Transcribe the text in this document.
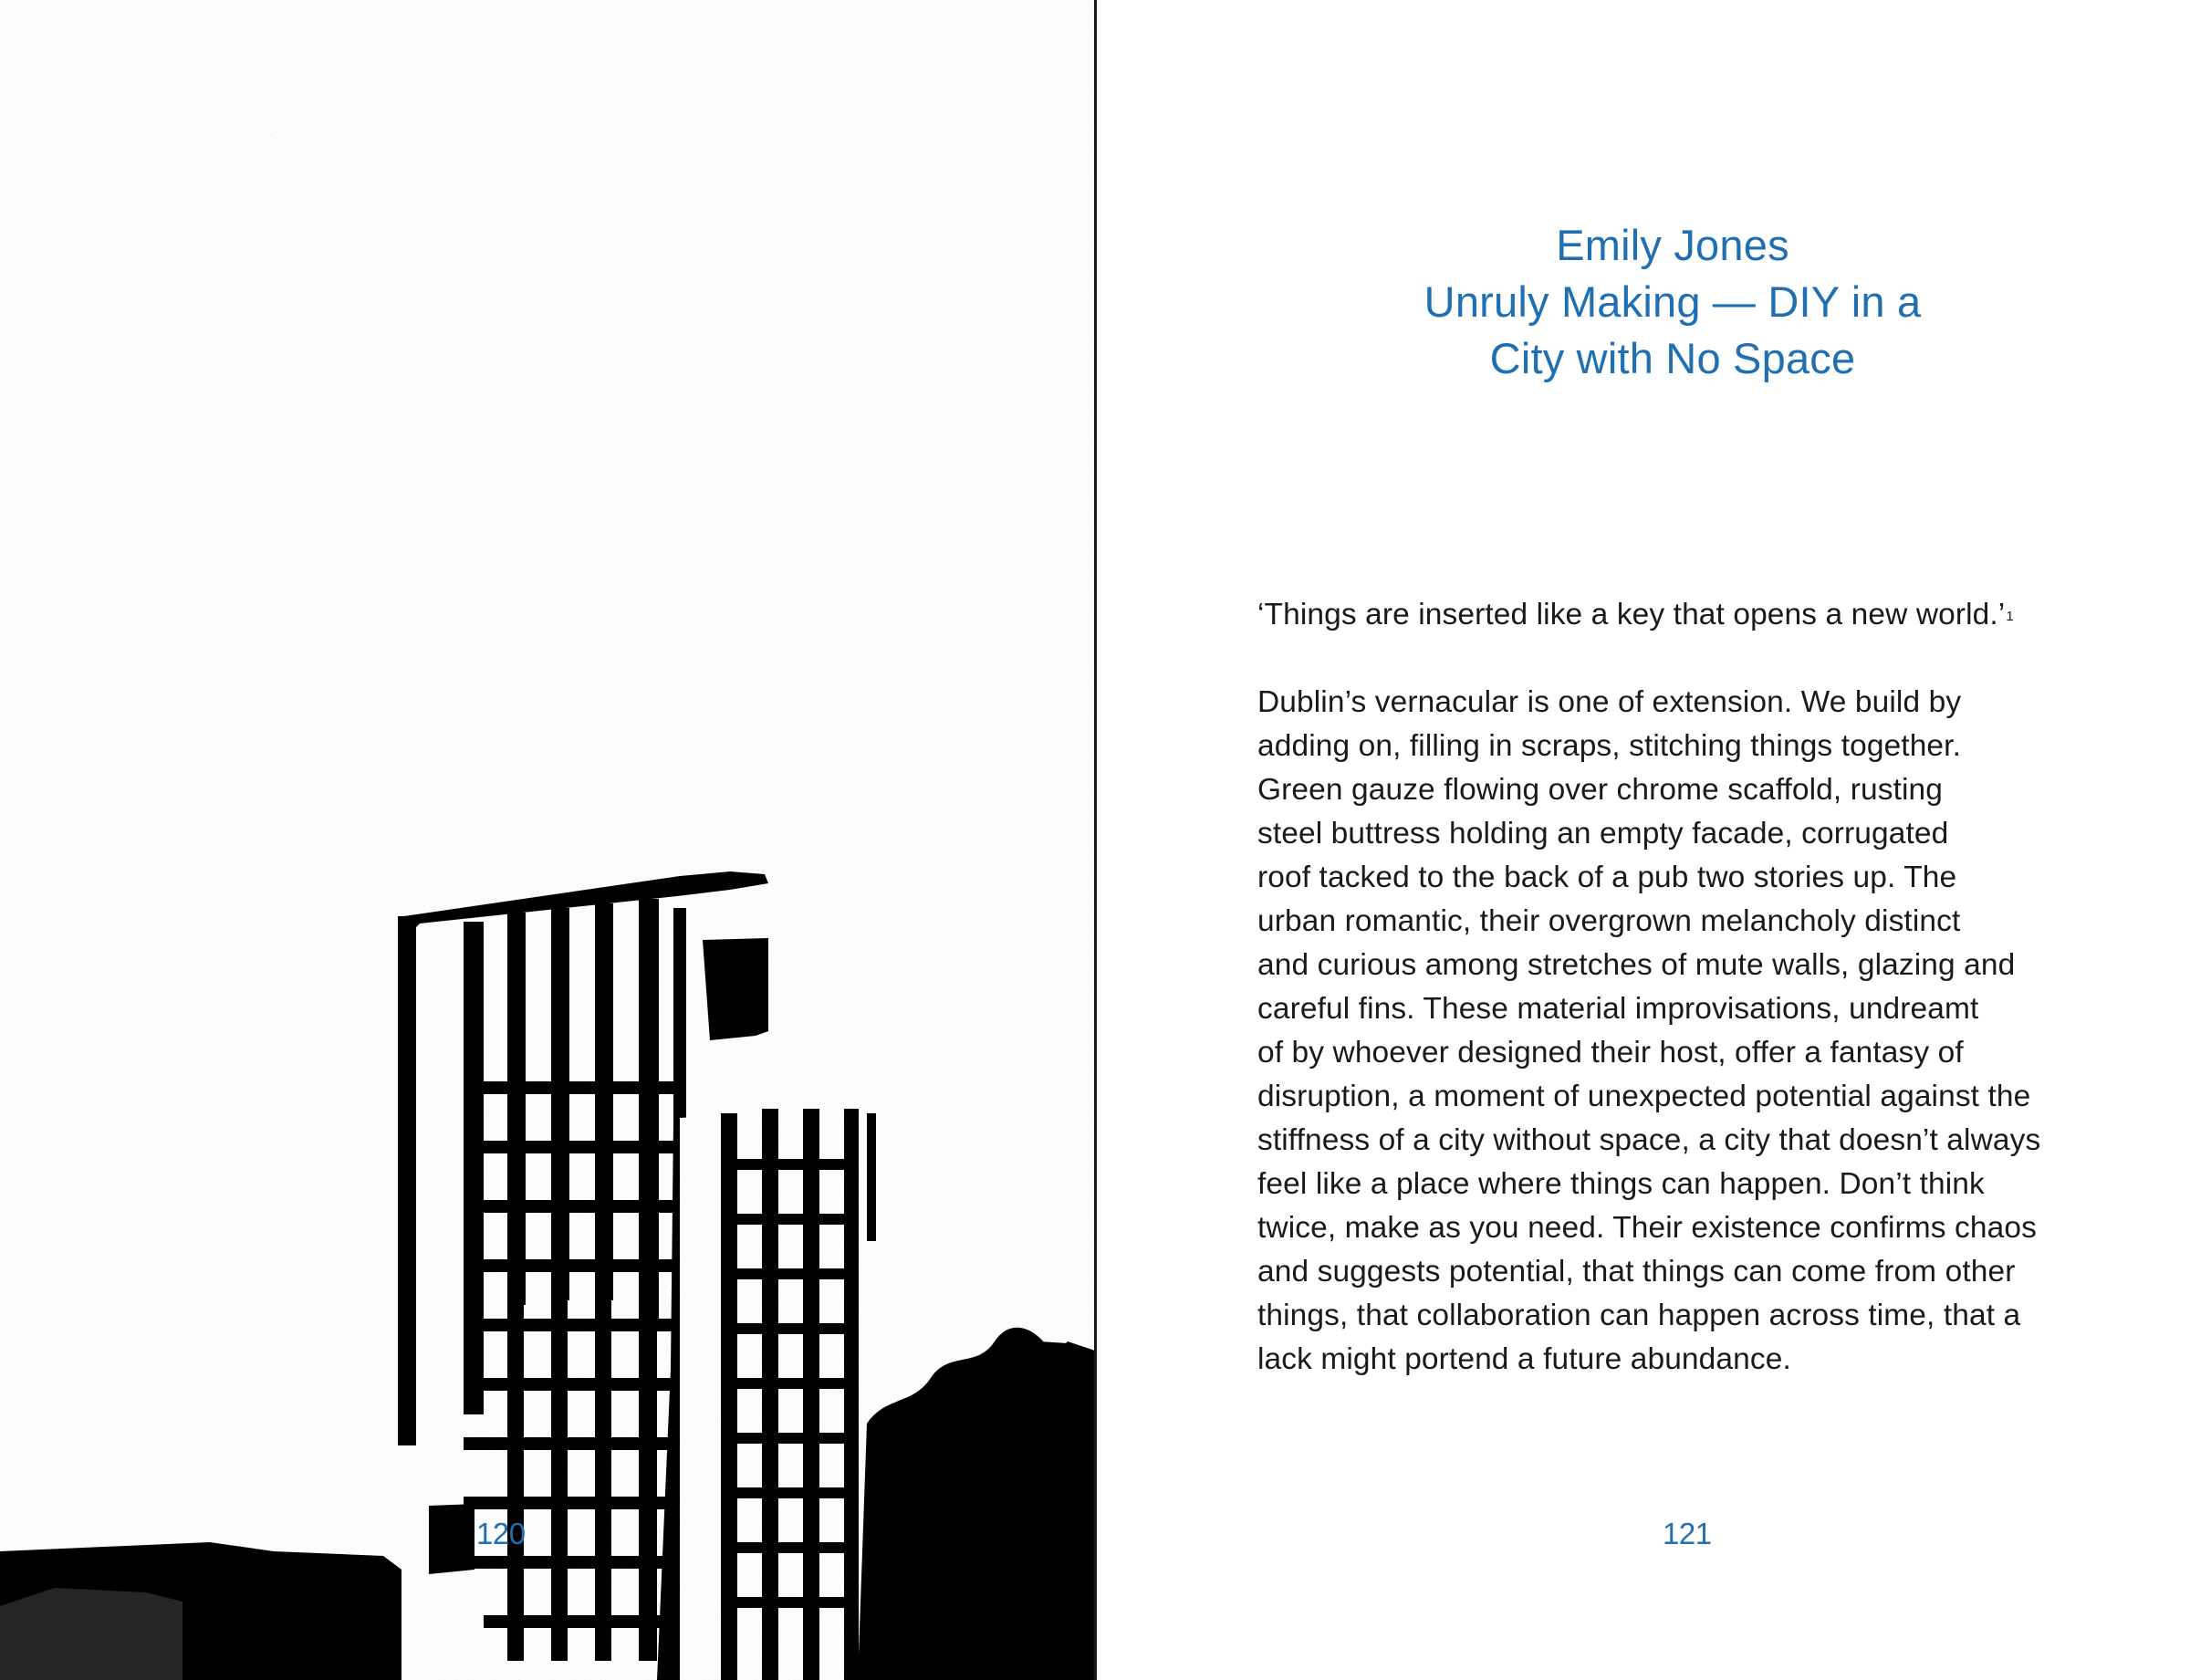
120
Emily Jones
Unruly Making — DIY in a
City with No Space
‘Things are inserted like a key that opens a new world.’$^1$
Dublin’s vernacular is one of extension. We build by
adding on, filling in scraps, stitching things together.
Green gauze flowing over chrome scaffold, rusting
steel buttress holding an empty facade, corrugated
roof tacked to the back of a pub two stories up. The
urban romantic, their overgrown melancholy distinct
and curious among stretches of mute walls, glazing and
careful fins. These material improvisations, undreamt
of by whoever designed their host, offer a fantasy of
disruption, a moment of unexpected potential against the
stiffness of a city without space, a city that doesn’t always
feel like a place where things can happen. Don’t think
twice, make as you need. Their existence confirms chaos
and suggests potential, that things can come from other
things, that collaboration can happen across time, that a
lack might portend a future abundance.
121
